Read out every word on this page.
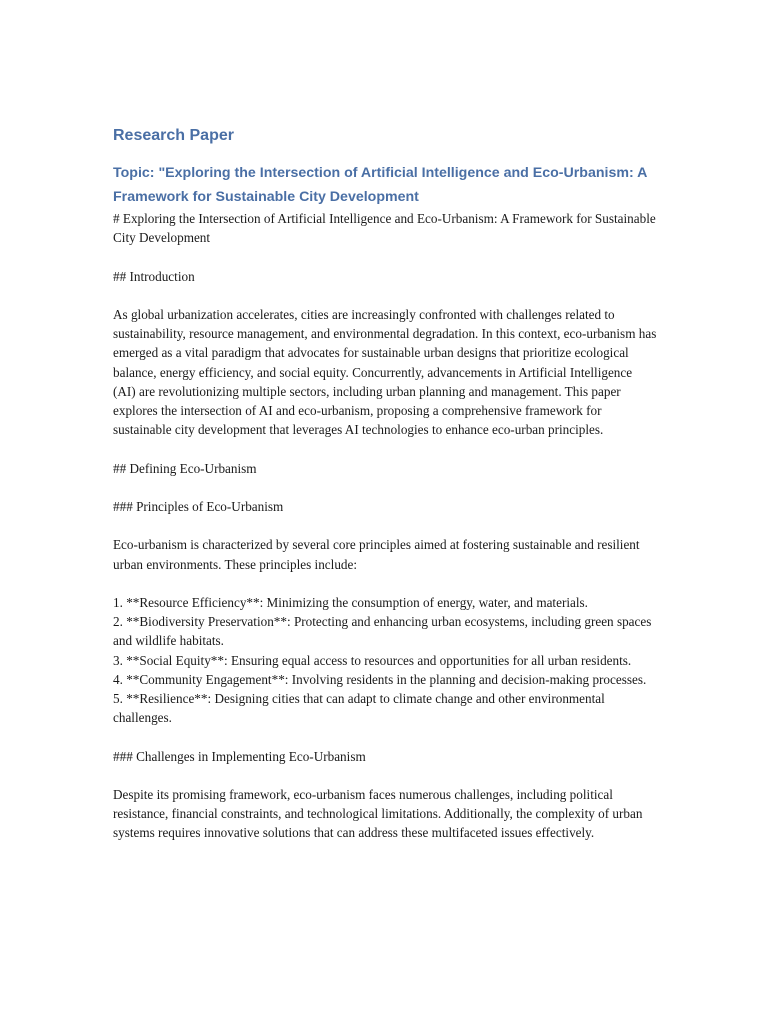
Research Paper
Topic: "Exploring the Intersection of Artificial Intelligence and Eco-Urbanism: A Framework for Sustainable City Development

# Exploring the Intersection of Artificial Intelligence and Eco-Urbanism: A Framework for Sustainable City Development

## Introduction

As global urbanization accelerates, cities are increasingly confronted with challenges related to sustainability, resource management, and environmental degradation. In this context, eco-urbanism has emerged as a vital paradigm that advocates for sustainable urban designs that prioritize ecological balance, energy efficiency, and social equity. Concurrently, advancements in Artificial Intelligence (AI) are revolutionizing multiple sectors, including urban planning and management. This paper explores the intersection of AI and eco-urbanism, proposing a comprehensive framework for sustainable city development that leverages AI technologies to enhance eco-urban principles.

## Defining Eco-Urbanism

### Principles of Eco-Urbanism

Eco-urbanism is characterized by several core principles aimed at fostering sustainable and resilient urban environments. These principles include:

1. **Resource Efficiency**: Minimizing the consumption of energy, water, and materials.

2. **Biodiversity Preservation**: Protecting and enhancing urban ecosystems, including green spaces and wildlife habitats.

3. **Social Equity**: Ensuring equal access to resources and opportunities for all urban residents.

4. **Community Engagement**: Involving residents in the planning and decision-making processes.

5. **Resilience**: Designing cities that can adapt to climate change and other environmental challenges.

### Challenges in Implementing Eco-Urbanism

Despite its promising framework, eco-urbanism faces numerous challenges, including political resistance, financial constraints, and technological limitations. Additionally, the complexity of urban systems requires innovative solutions that can address these multifaceted issues effectively.
